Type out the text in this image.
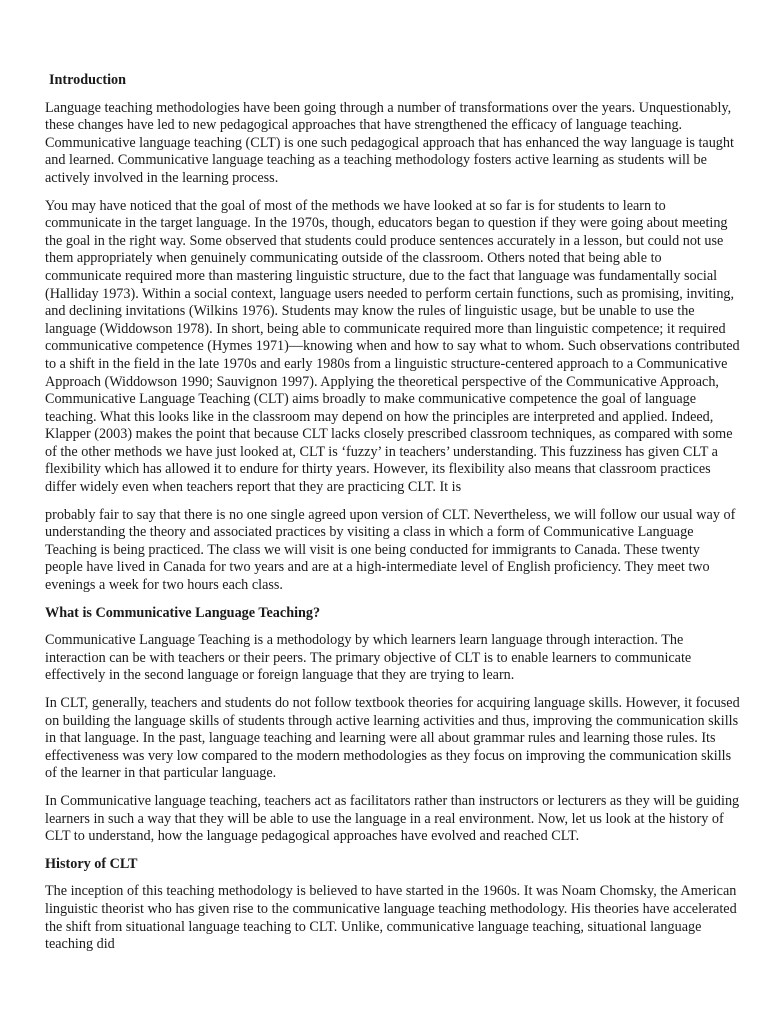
Introduction

Language teaching methodologies have been going through a number of transformations over the years. Unquestionably, these changes have led to new pedagogical approaches that have strengthened the efficacy of language teaching. Communicative language teaching (CLT) is one such pedagogical approach that has enhanced the way language is taught and learned. Communicative language teaching as a teaching methodology fosters active learning as students will be actively involved in the learning process.

You may have noticed that the goal of most of the methods we have looked at so far is for students to learn to communicate in the target language. In the 1970s, though, educators began to question if they were going about meeting the goal in the right way. Some observed that students could produce sentences accurately in a lesson, but could not use them appropriately when genuinely communicating outside of the classroom. Others noted that being able to communicate required more than mastering linguistic structure, due to the fact that language was fundamentally social (Halliday 1973). Within a social context, language users needed to perform certain functions, such as promising, inviting, and declining invitations (Wilkins 1976). Students may know the rules of linguistic usage, but be unable to use the language (Widdowson 1978). In short, being able to communicate required more than linguistic competence; it required communicative competence (Hymes 1971)—knowing when and how to say what to whom. Such observations contributed to a shift in the field in the late 1970s and early 1980s from a linguistic structure-centered approach to a Communicative Approach (Widdowson 1990; Sauvignon 1997). Applying the theoretical perspective of the Communicative Approach, Communicative Language Teaching (CLT) aims broadly to make communicative competence the goal of language teaching. What this looks like in the classroom may depend on how the principles are interpreted and applied. Indeed, Klapper (2003) makes the point that because CLT lacks closely prescribed classroom techniques, as compared with some of the other methods we have just looked at, CLT is ‘fuzzy’ in teachers’ understanding. This fuzziness has given CLT a flexibility which has allowed it to endure for thirty years. However, its flexibility also means that classroom practices differ widely even when teachers report that they are practicing CLT. It is

probably fair to say that there is no one single agreed upon version of CLT. Nevertheless, we will follow our usual way of understanding the theory and associated practices by visiting a class in which a form of Communicative Language Teaching is being practiced. The class we will visit is one being conducted for immigrants to Canada. These twenty people have lived in Canada for two years and are at a high-intermediate level of English proficiency. They meet two evenings a week for two hours each class.

What is Communicative Language Teaching?

Communicative Language Teaching is a methodology by which learners learn language through interaction. The interaction can be with teachers or their peers. The primary objective of CLT is to enable learners to communicate effectively in the second language or foreign language that they are trying to learn.

In CLT, generally, teachers and students do not follow textbook theories for acquiring language skills. However, it focused on building the language skills of students through active learning activities and thus, improving the communication skills in that language. In the past, language teaching and learning were all about grammar rules and learning those rules. Its effectiveness was very low compared to the modern methodologies as they focus on improving the communication skills of the learner in that particular language.

In Communicative language teaching, teachers act as facilitators rather than instructors or lecturers as they will be guiding learners in such a way that they will be able to use the language in a real environment. Now, let us look at the history of CLT to understand, how the language pedagogical approaches have evolved and reached CLT.

History of CLT

The inception of this teaching methodology is believed to have started in the 1960s. It was Noam Chomsky, the American linguistic theorist who has given rise to the communicative language teaching methodology. His theories have accelerated the shift from situational language teaching to CLT. Unlike, communicative language teaching, situational language teaching did
